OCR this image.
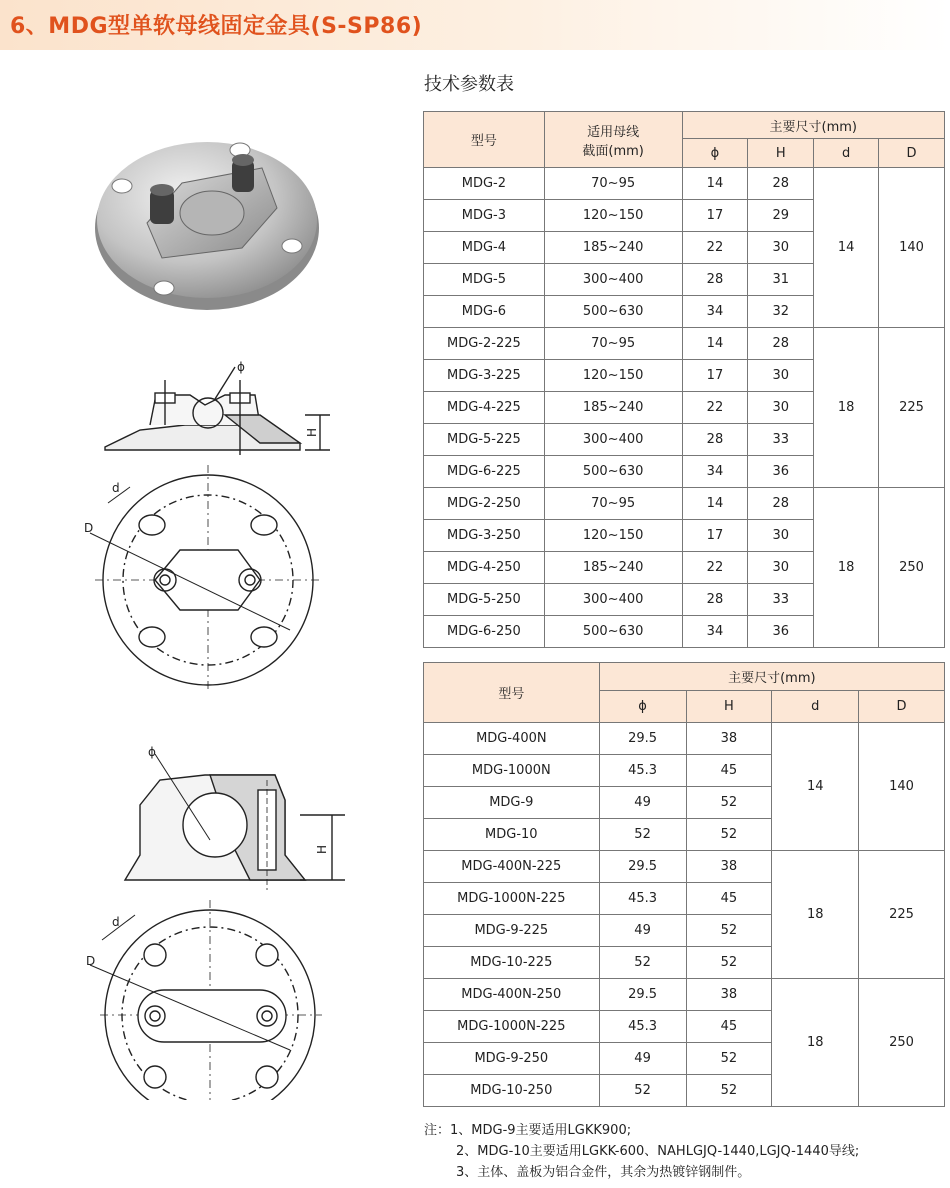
6、MDG型单软母线固定金具(S-SP86)
ϕ
H
d
D
ϕ
H
d
D
技术参数表
型号	适用母线
截面(mm)	主要尺寸(mm)			
		ϕ	H	d	D
MDG-2	70~95	14	28	14	140
MDG-3	120~150	17	29		
MDG-4	185~240	22	30		
MDG-5	300~400	28	31		
MDG-6	500~630	34	32		
MDG-2-225	70~95	14	28	18	225
MDG-3-225	120~150	17	30		
MDG-4-225	185~240	22	30		
MDG-5-225	300~400	28	33		
MDG-6-225	500~630	34	36		
MDG-2-250	70~95	14	28	18	250
MDG-3-250	120~150	17	30		
MDG-4-250	185~240	22	30		
MDG-5-250	300~400	28	33		
MDG-6-250	500~630	34	36		
型号	主要尺寸(mm)			
	ϕ	H	d	D
MDG-400N	29.5	38	14	140
MDG-1000N	45.3	45		
MDG-9	49	52		
MDG-10	52	52		
MDG-400N-225	29.5	38	18	225
MDG-1000N-225	45.3	45		
MDG-9-225	49	52		
MDG-10-225	52	52		
MDG-400N-250	29.5	38	18	250
MDG-1000N-225	45.3	45		
MDG-9-250	49	52		
MDG-10-250	52	52		
注：1、MDG-9主要适用LGKK900;
2、MDG-10主要适用LGKK-600、NAHLGJQ-1440,LGJQ-1440导线;
3、主体、盖板为铝合金件，其余为热镀锌钢制件。
